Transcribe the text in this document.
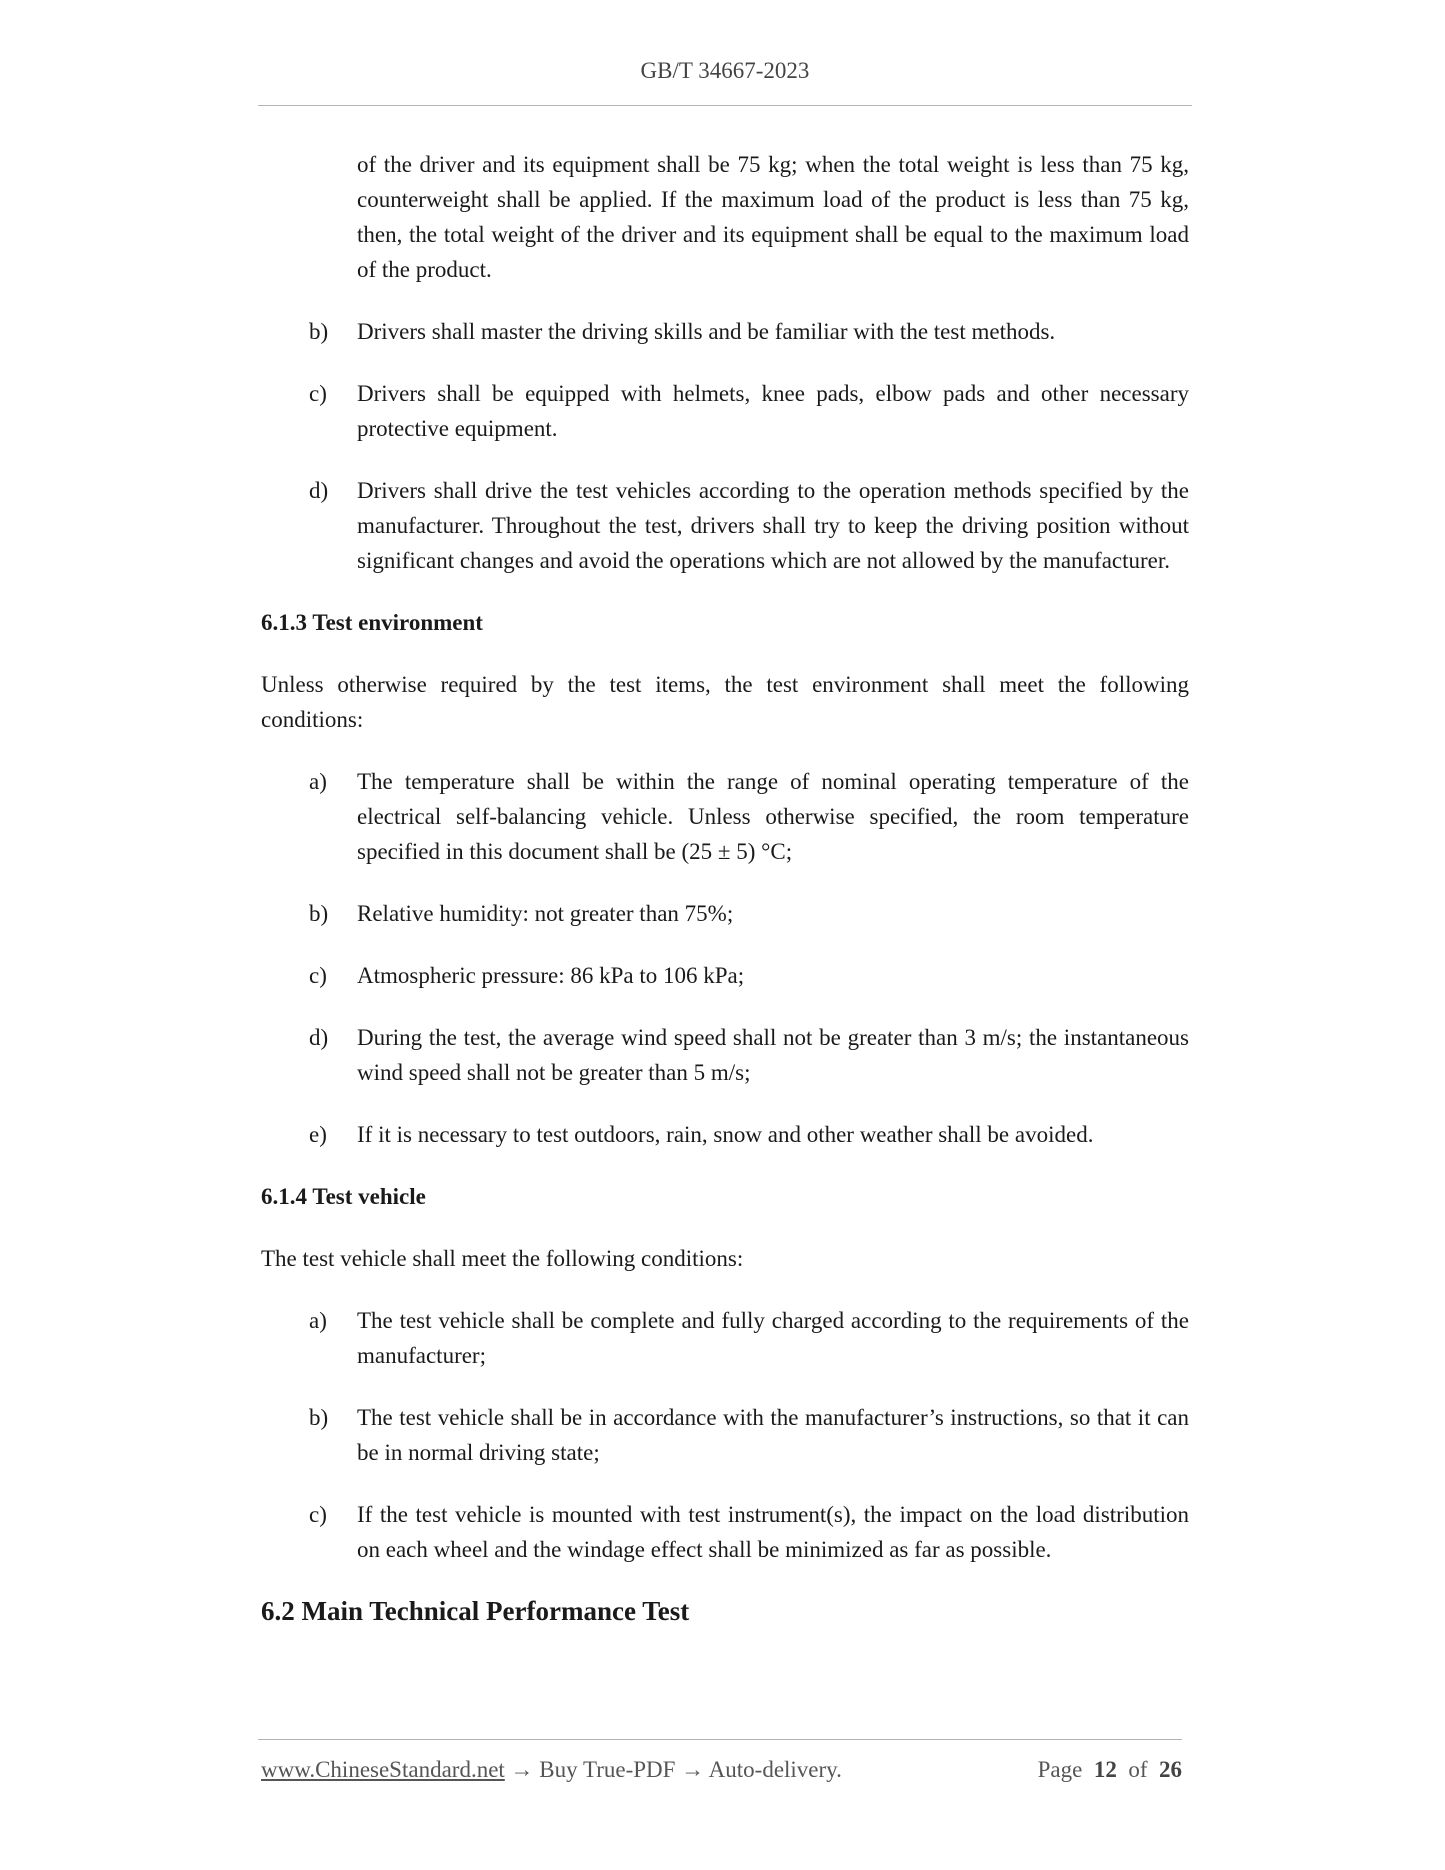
GB/T 34667-2023
of the driver and its equipment shall be 75 kg; when the total weight is less than 75 kg, counterweight shall be applied. If the maximum load of the product is less than 75 kg, then, the total weight of the driver and its equipment shall be equal to the maximum load of the product.
b)	Drivers shall master the driving skills and be familiar with the test methods.
c)	Drivers shall be equipped with helmets, knee pads, elbow pads and other necessary protective equipment.
d)	Drivers shall drive the test vehicles according to the operation methods specified by the manufacturer. Throughout the test, drivers shall try to keep the driving position without significant changes and avoid the operations which are not allowed by the manufacturer.
6.1.3 Test environment
Unless otherwise required by the test items, the test environment shall meet the following conditions:
a)	The temperature shall be within the range of nominal operating temperature of the electrical self-balancing vehicle. Unless otherwise specified, the room temperature specified in this document shall be (25 ± 5) °C;
b)	Relative humidity: not greater than 75%;
c)	Atmospheric pressure: 86 kPa to 106 kPa;
d)	During the test, the average wind speed shall not be greater than 3 m/s; the instantaneous wind speed shall not be greater than 5 m/s;
e)	If it is necessary to test outdoors, rain, snow and other weather shall be avoided.
6.1.4 Test vehicle
The test vehicle shall meet the following conditions:
a)	The test vehicle shall be complete and fully charged according to the requirements of the manufacturer;
b)	The test vehicle shall be in accordance with the manufacturer’s instructions, so that it can be in normal driving state;
c)	If the test vehicle is mounted with test instrument(s), the impact on the load distribution on each wheel and the windage effect shall be minimized as far as possible.
6.2 Main Technical Performance Test
www.ChineseStandard.net → Buy True-PDF → Auto-delivery.	Page 12 of 26
